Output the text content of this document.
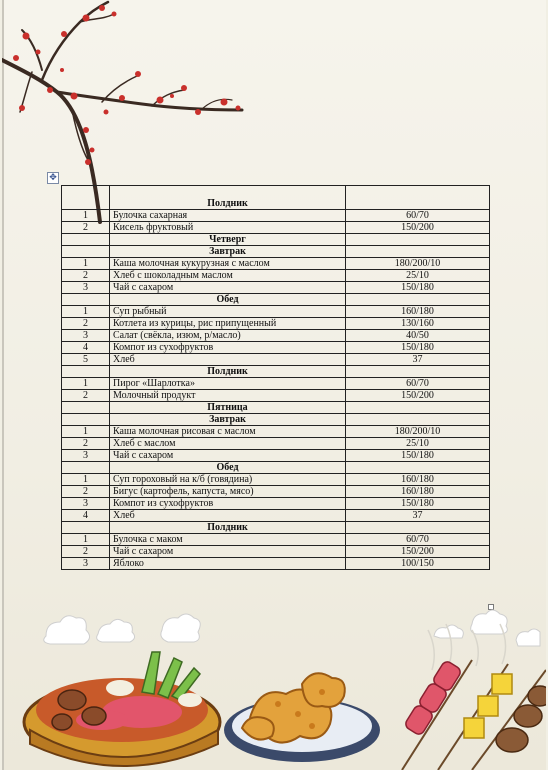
✥
	Полдник	
1	Булочка сахарная	60/70
2	Кисель фруктовый	150/200
	Четверг	
	Завтрак	
1	Каша молочная кукурузная с маслом	180/200/10
2	Хлеб с шоколадным маслом	25/10
3	Чай с сахаром	150/180
	Обед	
1	Суп рыбный	160/180
2	Котлета из курицы, рис припущенный	130/160
3	Салат (свёкла, изюм, р/масло)	40/50
4	Компот из сухофруктов	150/180
5	Хлеб	37
	Полдник	
1	Пирог «Шарлотка»	60/70
2	Молочный продукт	150/200
	Пятница	
	Завтрак	
1	Каша молочная рисовая с маслом	180/200/10
2	Хлеб с маслом	25/10
3	Чай с сахаром	150/180
	Обед	
1	Суп гороховый на к/б (говядина)	160/180
2	Бигус (картофель, капуста, мясо)	160/180
3	Компот из сухофруктов	150/180
4	Хлеб	37
	Полдник	
1	Булочка с маком	60/70
2	Чай с сахаром	150/200
3	Яблоко	100/150
